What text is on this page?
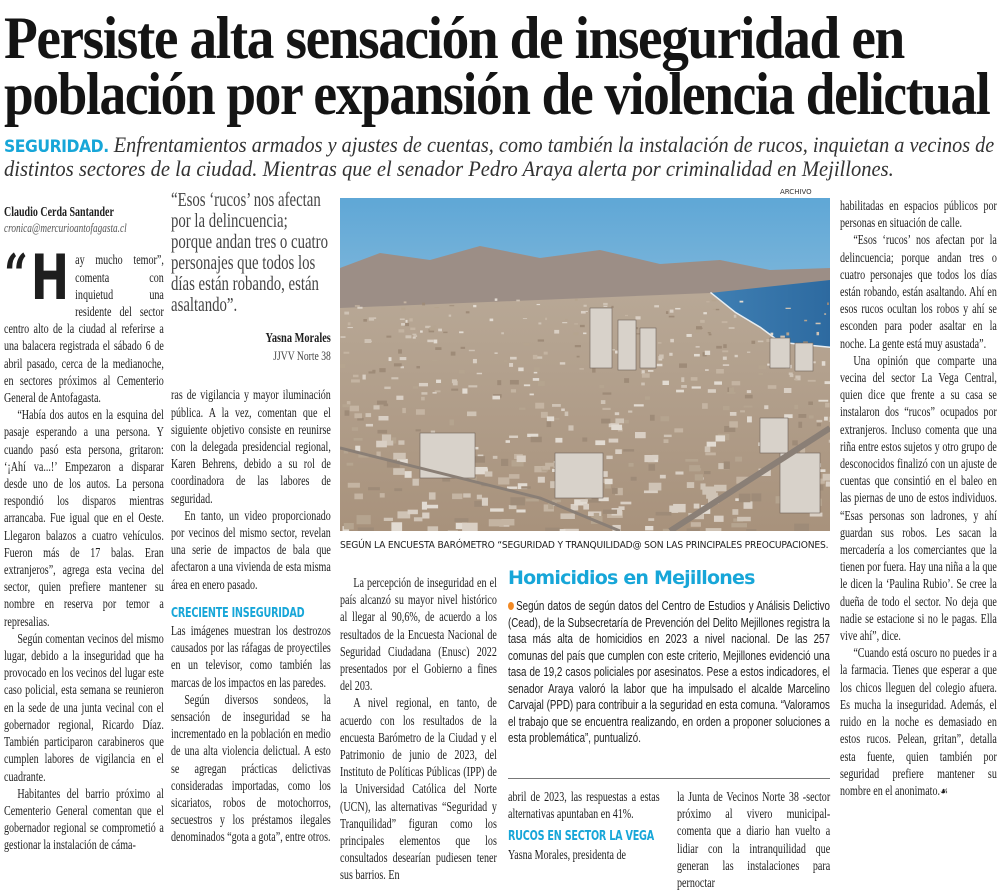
Persiste alta sensación de inseguridad en
población por expansión de violencia delictual
SEGURIDAD. Enfrentamientos armados y ajustes de cuentas, como también la instalación de rucos, inquietan a vecinos de
distintos sectores de la ciudad. Mientras que el senador Pedro Araya alerta por criminalidad en Mejillones.
Claudio Cerda Santander
cronica@mercurioantofagasta.cl

“ H ay mucho temor”, comenta con inquietud una residente del sector centro alto de la ciudad al referirse a una balacera registrada el sábado 6 de abril pasado, cerca de la medianoche, en sectores próximos al Cementerio General de Antofagasta.

“Había dos autos en la esquina del pasaje esperando a una persona. Y cuando pasó esta persona, gritaron: ‘¡Ahí va...!’ Empezaron a disparar desde uno de los autos. La persona respondió los disparos mientras arrancaba. Fue igual que en el Oeste. Llegaron balazos a cuatro vehículos. Fueron más de 17 balas. Eran extranjeros”, agrega esta vecina del sector, quien prefiere mantener su nombre en reserva por temor a represalias.

Según comentan vecinos del mismo lugar, debido a la inseguridad que ha provocado en los vecinos del lugar este caso policial, esta semana se reunieron en la sede de una junta vecinal con el gobernador regional, Ricardo Díaz. También participaron carabineros que cumplen labores de vigilancia en el cuadrante.

Habitantes del barrio próximo al Cementerio General comentan que el gobernador regional se comprometió a gestionar la instalación de cáma-

“Esos ‘rucos’ nos afectan por la delincuencia; porque andan tres o cuatro personajes que todos los días están robando, están asaltando”.
Yasna Morales
JJVV Norte 38

ras de vigilancia y mayor iluminación pública. A la vez, comentan que el siguiente objetivo consiste en reunirse con la delegada presidencial regional, Karen Behrens, debido a su rol de coordinadora de las labores de seguridad.

En tanto, un video proporcionado por vecinos del mismo sector, revelan una serie de impactos de bala que afectaron a una vivienda de esta misma área en enero pasado.

CRECIENTE INSEGURIDAD

Las imágenes muestran los destrozos causados por las ráfagas de proyectiles en un televisor, como también las marcas de los impactos en las paredes.

Según diversos sondeos, la sensación de inseguridad se ha incrementado en la población en medio de una alta violencia delictual. A esto se agregan prácticas delictivas consideradas importadas, como los sicariatos, robos de motochorros, secuestros y los préstamos ilegales denominados “gota a gota”, entre otros.

ARCHIVO
SEGÚN LA ENCUESTA BARÓMETRO “SEGURIDAD Y TRANQUILIDAD@ SON LAS PRINCIPALES PREOCUPACIONES.

La percepción de inseguridad en el país alcanzó su mayor nivel histórico al llegar al 90,6%, de acuerdo a los resultados de la Encuesta Nacional de Seguridad Ciudadana (Enusc) 2022 presentados por el Gobierno a fines del 203.

A nivel regional, en tanto, de acuerdo con los resultados de la encuesta Barómetro de la Ciudad y el Patrimonio de junio de 2023, del Instituto de Políticas Públicas (IPP) de la Universidad Católica del Norte (UCN), las alternativas “Seguridad y Tranquilidad” figuran como los principales elementos que los consultados desearían pudiesen tener sus barrios. En

Homicidios en Mejillones
Según datos de según datos del Centro de Estudios y Análisis Delictivo (Cead), de la Subsecretaría de Prevención del Delito Mejillones registra la tasa más alta de homicidios en 2023 a nivel nacional. De las 257 comunas del país que cumplen con este criterio, Mejillones evidenció una tasa de 19,2 casos policiales por asesinatos. Pese a estos indicadores, el senador Araya valoró la labor que ha impulsado el alcalde Marcelino Carvajal (PPD) para contribuir a la seguridad en esta comuna. “Valoramos el trabajo que se encuentra realizando, en orden a proponer soluciones a esta problemática”, puntualizó.

abril de 2023, las respuestas a estas alternativas apuntaban en 41%.

RUCOS EN SECTOR LA VEGA

Yasna Morales, presidenta de

la Junta de Vecinos Norte 38 -sector próximo al vivero municipal- comenta que a diario han vuelto a lidiar con la intranquilidad que generan las instalaciones para pernoctar

habilitadas en espacios públicos por personas en situación de calle.

“Esos ‘rucos’ nos afectan por la delincuencia; porque andan tres o cuatro personajes que todos los días están robando, están asaltando. Ahí en esos rucos ocultan los robos y ahí se esconden para poder asaltar en la noche. La gente está muy asustada”.

Una opinión que comparte una vecina del sector La Vega Central, quien dice que frente a su casa se instalaron dos “rucos” ocupados por extranjeros. Incluso comenta que una riña entre estos sujetos y otro grupo de desconocidos finalizó con un ajuste de cuentas que consintió en el baleo en las piernas de uno de estos individuos. “Esas personas son ladrones, y ahí guardan sus robos. Les sacan la mercadería a los comerciantes que la tienen por fuera. Hay una niña a la que le dicen la ‘Paulina Rubio’. Se cree la dueña de todo el sector. No deja que nadie se estacione si no le pagas. Ella vive ahí”, dice.

“Cuando está oscuro no puedes ir a la farmacia. Tienes que esperar a que los chicos lleguen del colegio afuera. Es mucha la inseguridad. Además, el ruido en la noche es demasiado en estos rucos. Pelean, gritan”, detalla esta fuente, quien también por seguridad prefiere mantener su nombre en el anonimato.☙
